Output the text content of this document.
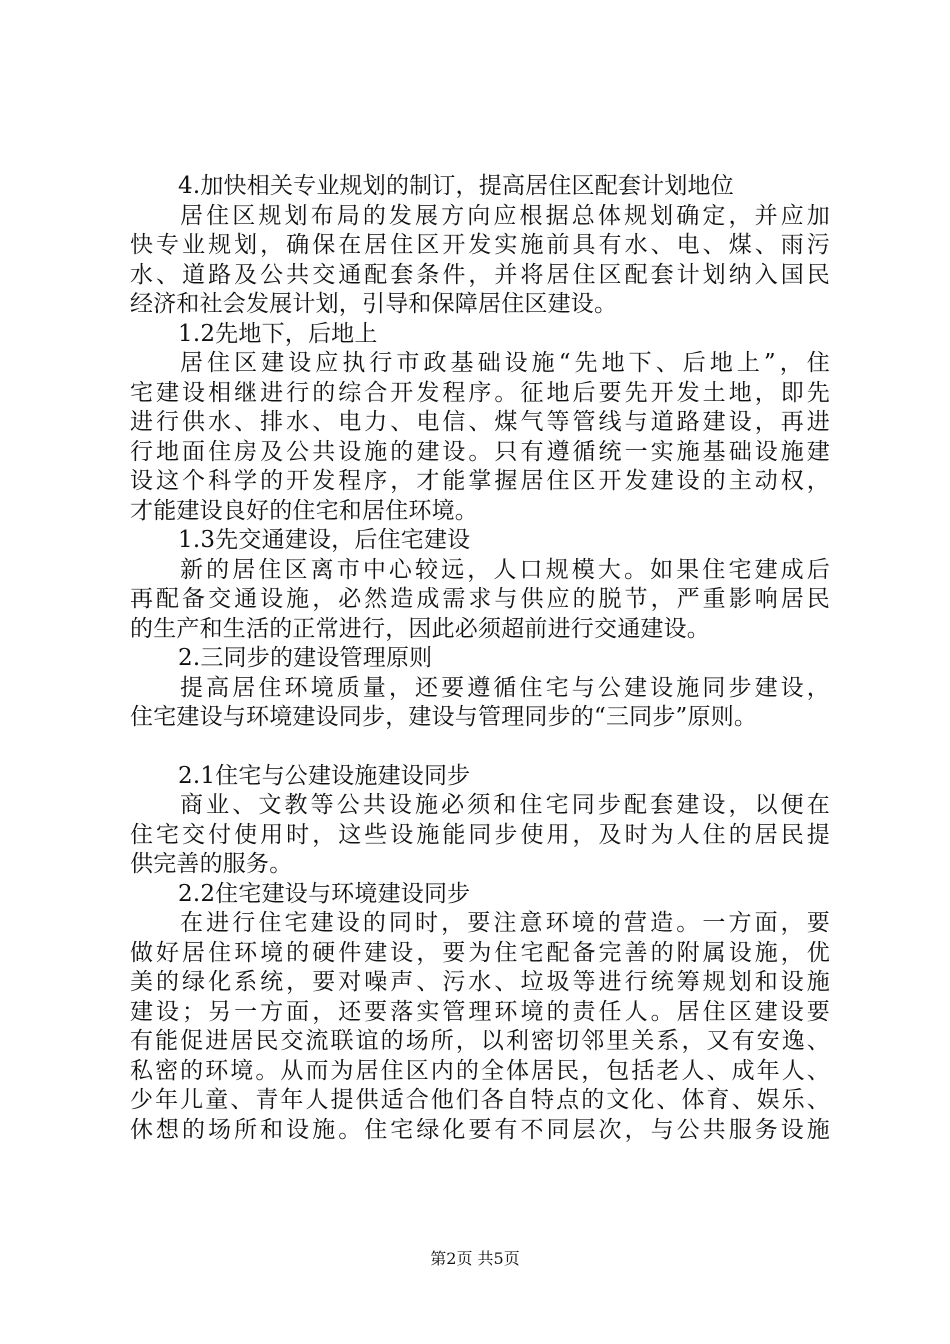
4.加快相关专业规划的制订，提高居住区配套计划地位
居住区规划布局的发展方向应根据总体规划确定，并应加
快专业规划，确保在居住区开发实施前具有水、电、煤、雨污
水、道路及公共交通配套条件，并将居住区配套计划纳入国民
经济和社会发展计划，引导和保障居住区建设。
1.2先地下，后地上
居住区建设应执行市政基础设施“先地下、后地上”，住
宅建设相继进行的综合开发程序。征地后要先开发土地，即先
进行供水、排水、电力、电信、煤气等管线与道路建设，再进
行地面住房及公共设施的建设。只有遵循统一实施基础设施建
设这个科学的开发程序，才能掌握居住区开发建设的主动权，
才能建设良好的住宅和居住环境。
1.3先交通建设，后住宅建设
新的居住区离市中心较远，人口规模大。如果住宅建成后
再配备交通设施，必然造成需求与供应的脱节，严重影响居民
的生产和生活的正常进行，因此必须超前进行交通建设。
2.三同步的建设管理原则
提高居住环境质量，还要遵循住宅与公建设施同步建设，
住宅建设与环境建设同步，建设与管理同步的“三同步”原则。
2.1住宅与公建设施建设同步
商业、文教等公共设施必须和住宅同步配套建设，以便在
住宅交付使用时，这些设施能同步使用，及时为人住的居民提
供完善的服务。
2.2住宅建设与环境建设同步
在进行住宅建设的同时，要注意环境的营造。一方面，要
做好居住环境的硬件建设，要为住宅配备完善的附属设施，优
美的绿化系统，要对噪声、污水、垃圾等进行统筹规划和设施
建设；另一方面，还要落实管理环境的责任人。居住区建设要
有能促进居民交流联谊的场所，以利密切邻里关系，又有安逸、
私密的环境。从而为居住区内的全体居民，包括老人、成年人、
少年儿童、青年人提供适合他们各自特点的文化、体育、娱乐、
休想的场所和设施。住宅绿化要有不同层次，与公共服务设施
第2页 共5页
